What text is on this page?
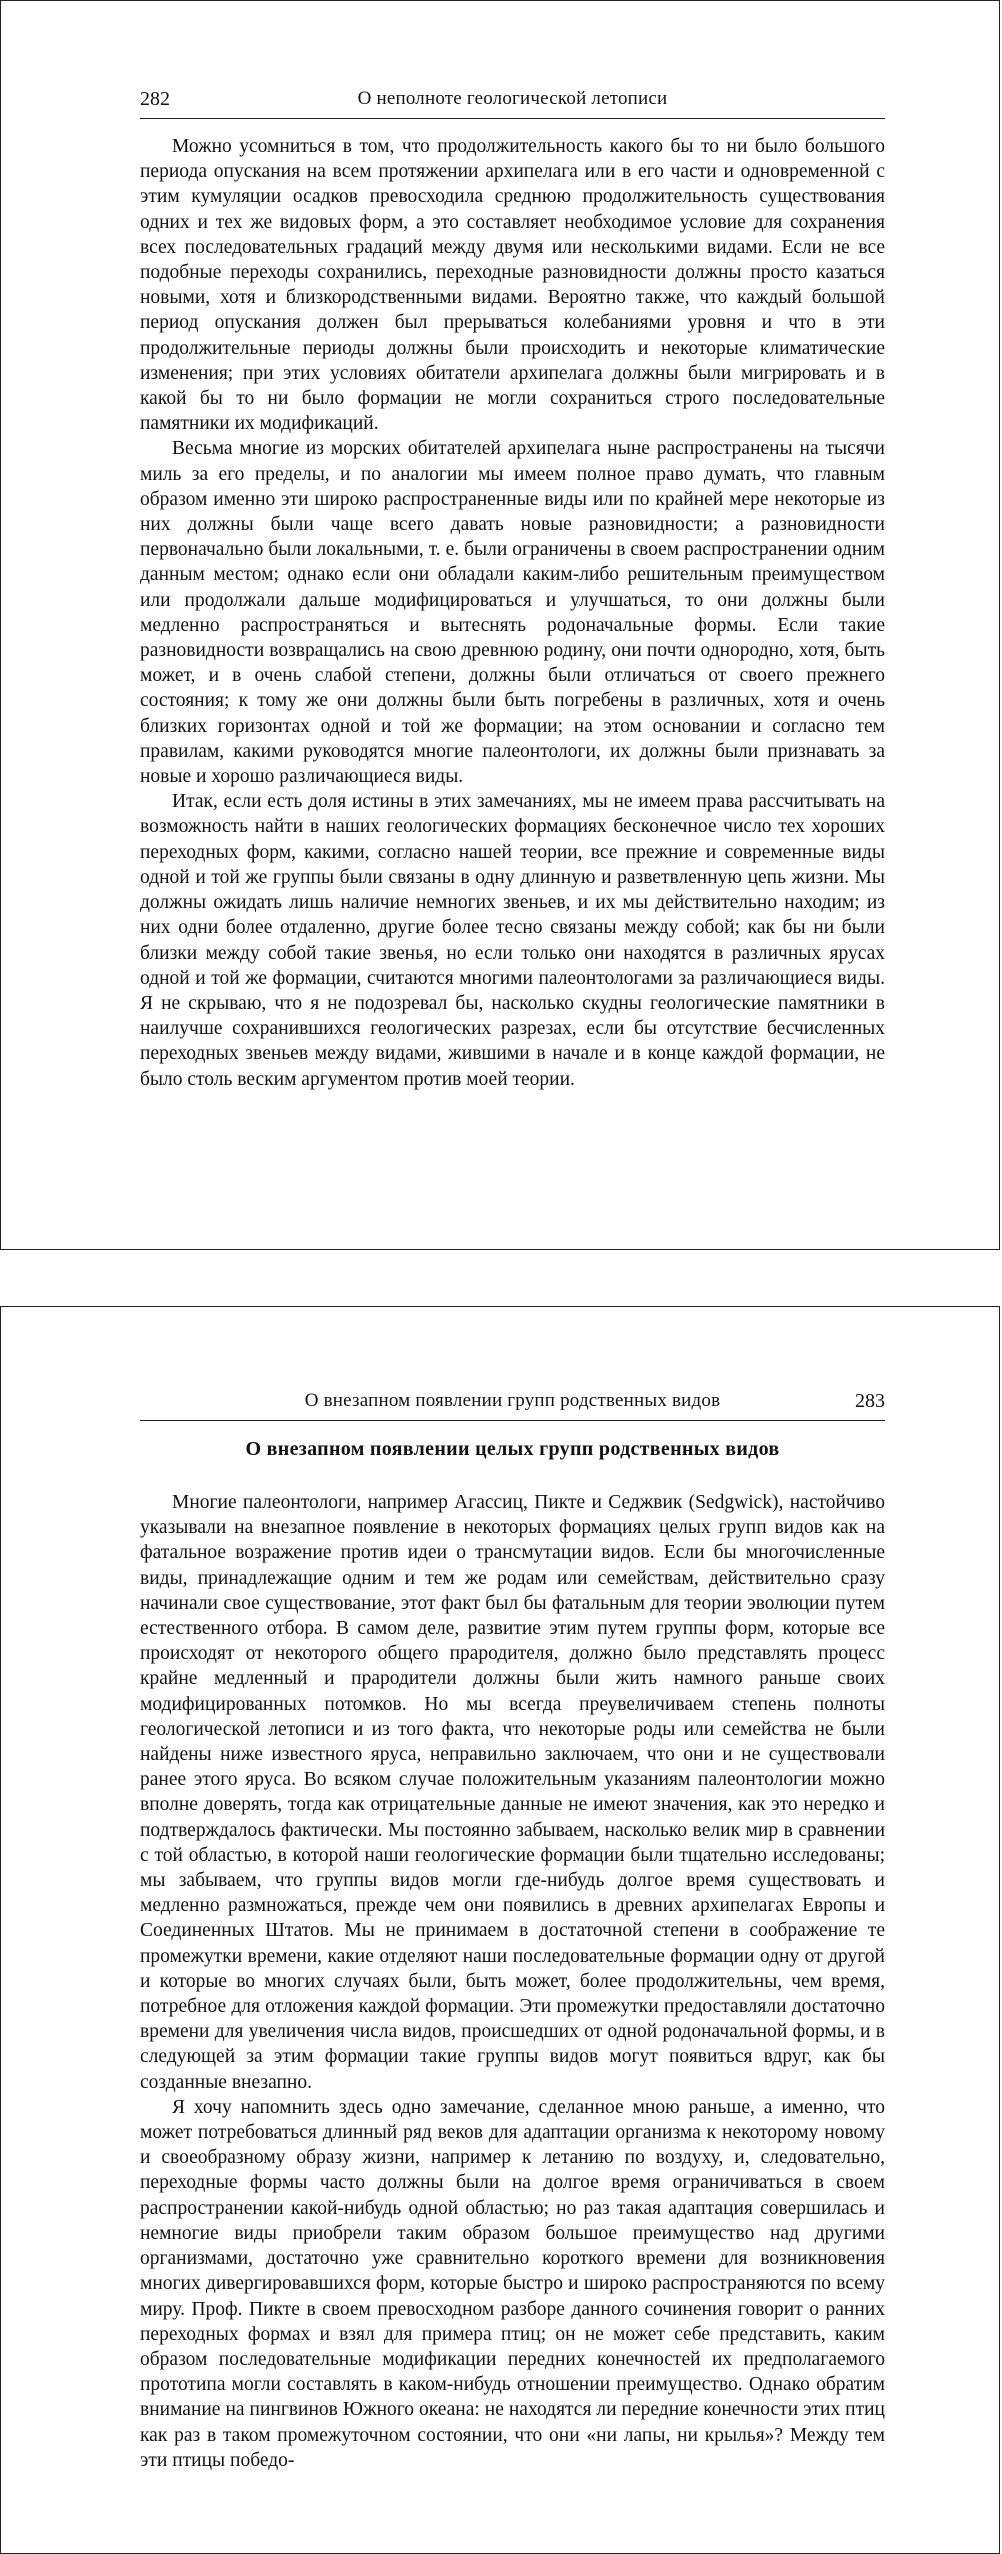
282	О неполноте геологической летописи

Можно усомниться в том, что продолжительность какого бы то ни было большого периода опускания на всем протяжении архипелага или в его части и одновременной с этим кумуляции осадков превосходила среднюю продолжительность существования одних и тех же видовых форм, а это составляет необходимое условие для сохранения всех последовательных градаций между двумя или несколькими видами. Если не все подобные переходы сохранились, переходные разновидности должны просто казаться новыми, хотя и близкородственными видами. Вероятно также, что каждый большой период опускания должен был прерываться колебаниями уровня и что в эти продолжительные периоды должны были происходить и некоторые климатические изменения; при этих условиях обитатели архипелага должны были мигрировать и в какой бы то ни было формации не могли сохраниться строго последовательные памятники их модификаций.

Весьма многие из морских обитателей архипелага ныне распространены на тысячи миль за его пределы, и по аналогии мы имеем полное право думать, что главным образом именно эти широко распространенные виды или по крайней мере некоторые из них должны были чаще всего давать новые разновидности; а разновидности первоначально были локальными, т. е. были ограничены в своем распространении одним данным местом; однако если они обладали каким-либо решительным преимуществом или продолжали дальше модифицироваться и улучшаться, то они должны были медленно распространяться и вытеснять родоначальные формы. Если такие разновидности возвращались на свою древнюю родину, они почти однородно, хотя, быть может, и в очень слабой степени, должны были отличаться от своего прежнего состояния; к тому же они должны были быть погребены в различных, хотя и очень близких горизонтах одной и той же формации; на этом основании и согласно тем правилам, какими руководятся многие палеонтологи, их должны были признавать за новые и хорошо различающиеся виды.

Итак, если есть доля истины в этих замечаниях, мы не имеем права рассчитывать на возможность найти в наших геологических формациях бесконечное число тех хороших переходных форм, какими, согласно нашей теории, все прежние и современные виды одной и той же группы были связаны в одну длинную и разветвленную цепь жизни. Мы должны ожидать лишь наличие немногих звеньев, и их мы действительно находим; из них одни более отдаленно, другие более тесно связаны между собой; как бы ни были близки между собой такие звенья, но если только они находятся в различных ярусах одной и той же формации, считаются многими палеонтологами за различающиеся виды. Я не скрываю, что я не подозревал бы, насколько скудны геологические памятники в наилучше сохранившихся геологических разрезах, если бы отсутствие бесчисленных переходных звеньев между видами, жившими в начале и в конце каждой формации, не было столь веским аргументом против моей теории.

О внезапном появлении групп родственных видов	283
О внезапном появлении целых групп родственных видов

Многие палеонтологи, например Агассиц, Пикте и Седжвик (Sedgwick), настойчиво указывали на внезапное появление в некоторых формациях целых групп видов как на фатальное возражение против идеи о трансмутации видов. Если бы многочисленные виды, принадлежащие одним и тем же родам или семействам, действительно сразу начинали свое существование, этот факт был бы фатальным для теории эволюции путем естественного отбора. В самом деле, развитие этим путем группы форм, которые все происходят от некоторого общего прародителя, должно было представлять процесс крайне медленный и прародители должны были жить намного раньше своих модифицированных потомков. Но мы всегда преувеличиваем степень полноты геологической летописи и из того факта, что некоторые роды или семейства не были найдены ниже известного яруса, неправильно заключаем, что они и не существовали ранее этого яруса. Во всяком случае положительным указаниям палеонтологии можно вполне доверять, тогда как отрицательные данные не имеют значения, как это нередко и подтверждалось фактически. Мы постоянно забываем, насколько велик мир в сравнении с той областью, в которой наши геологические формации были тщательно исследованы; мы забываем, что группы видов могли где-нибудь долгое время существовать и медленно размножаться, прежде чем они появились в древних архипелагах Европы и Соединенных Штатов. Мы не принимаем в достаточной степени в соображение те промежутки времени, какие отделяют наши последовательные формации одну от другой и которые во многих случаях были, быть может, более продолжительны, чем время, потребное для отложения каждой формации. Эти промежутки предоставляли достаточно времени для увеличения числа видов, происшедших от одной родоначальной формы, и в следующей за этим формации такие группы видов могут появиться вдруг, как бы созданные внезапно.

Я хочу напомнить здесь одно замечание, сделанное мною раньше, а именно, что может потребоваться длинный ряд веков для адаптации организма к некоторому новому и своеобразному образу жизни, например к летанию по воздуху, и, следовательно, переходные формы часто должны были на долгое время ограничиваться в своем распространении какой-нибудь одной областью; но раз такая адаптация совершилась и немногие виды приобрели таким образом большое преимущество над другими организмами, достаточно уже сравнительно короткого времени для возникновения многих дивергировавшихся форм, которые быстро и широко распространяются по всему миру. Проф. Пикте в своем превосходном разборе данного сочинения говорит о ранних переходных формах и взял для примера птиц; он не может себе представить, каким образом последовательные модификации передних конечностей их предполагаемого прототипа могли составлять в каком-нибудь отношении преимущество. Однако обратим внимание на пингвинов Южного океана: не находятся ли передние конечности этих птиц как раз в таком промежуточном состоянии, что они «ни лапы, ни крылья»? Между тем эти птицы победо-
